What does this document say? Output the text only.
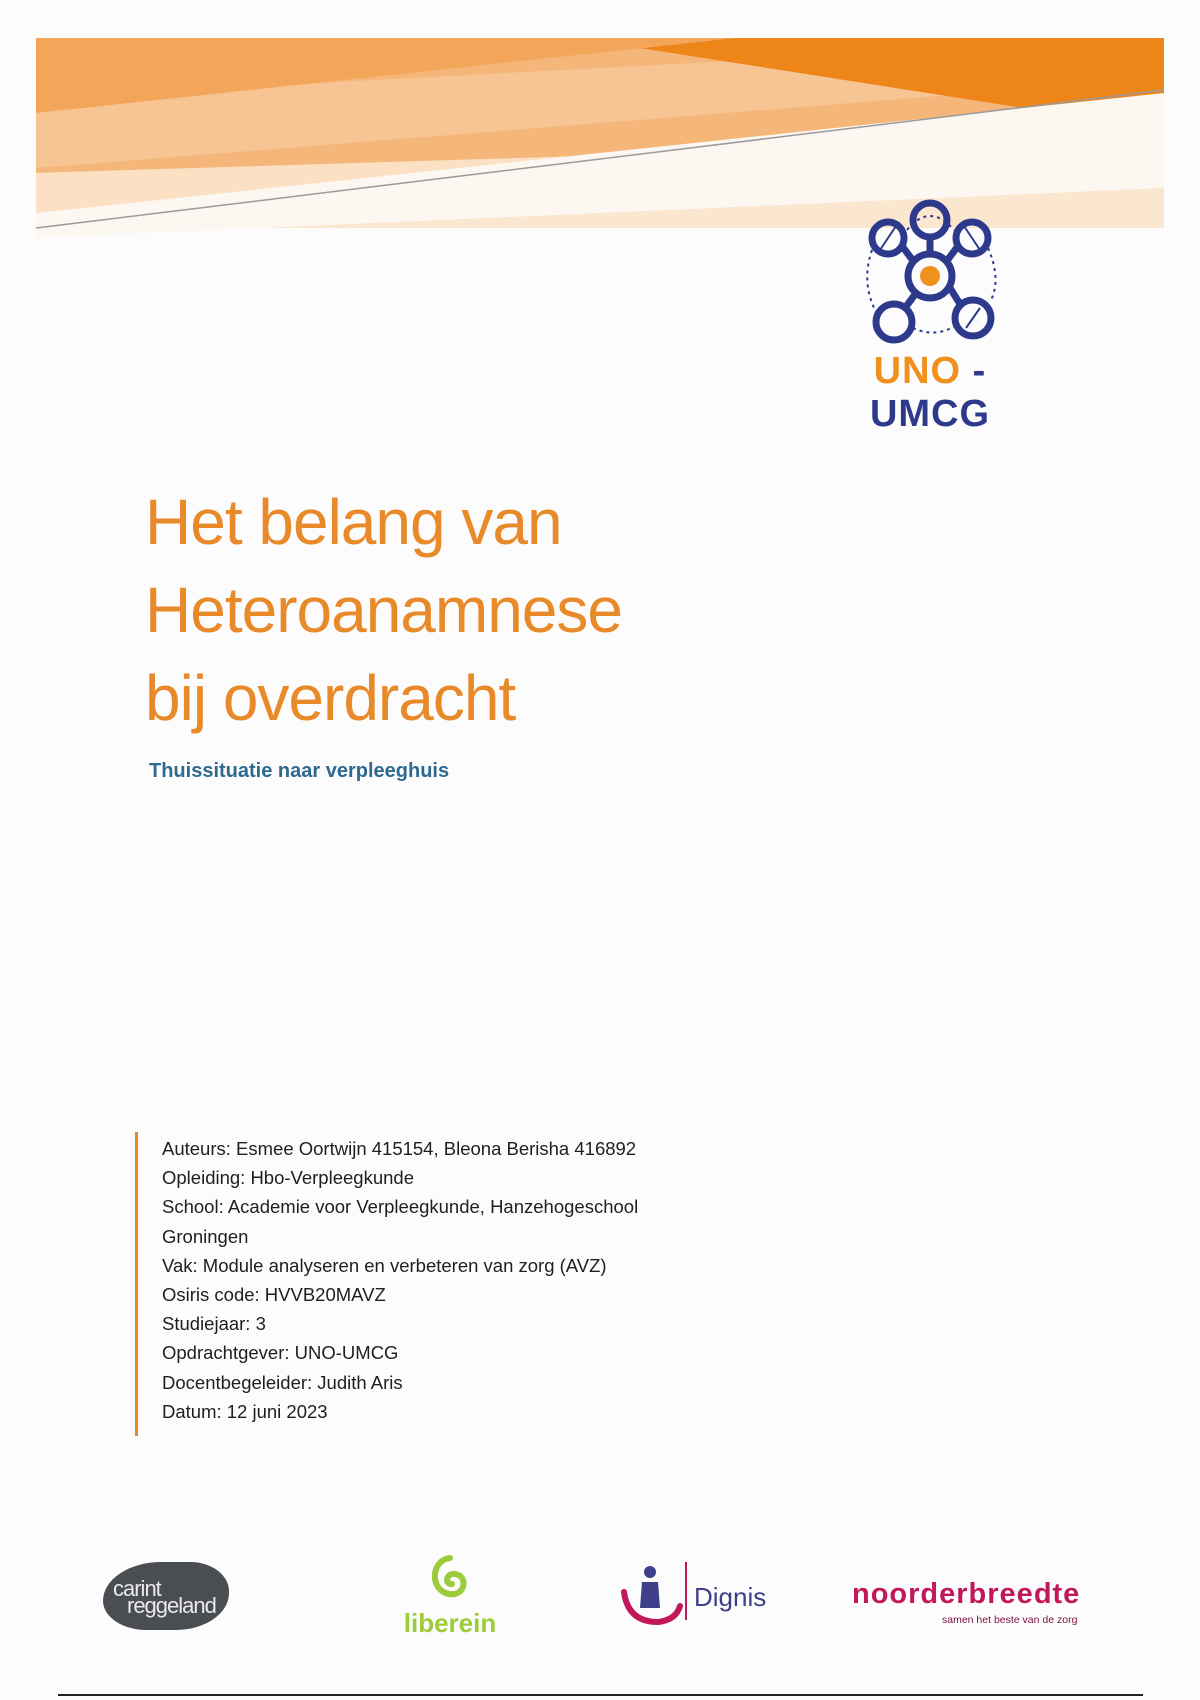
UNO - UMCG
Het belang van
Heteroanamnese
bij overdracht
Thuissituatie naar verpleeghuis
Auteurs: Esmee Oortwijn 415154, Bleona Berisha 416892
Opleiding: Hbo-Verpleegkunde
School: Academie voor Verpleegkunde, Hanzehogeschool
Groningen
Vak: Module analyseren en verbeteren van zorg (AVZ)
Osiris code: HVVB20MAVZ
Studiejaar: 3
Opdrachtgever: UNO-UMCG
Docentbegeleider: Judith Aris
Datum: 12 juni 2023
carint
reggeland
liberein
Dignis	noorderbreedte
samen het beste van de zorg
